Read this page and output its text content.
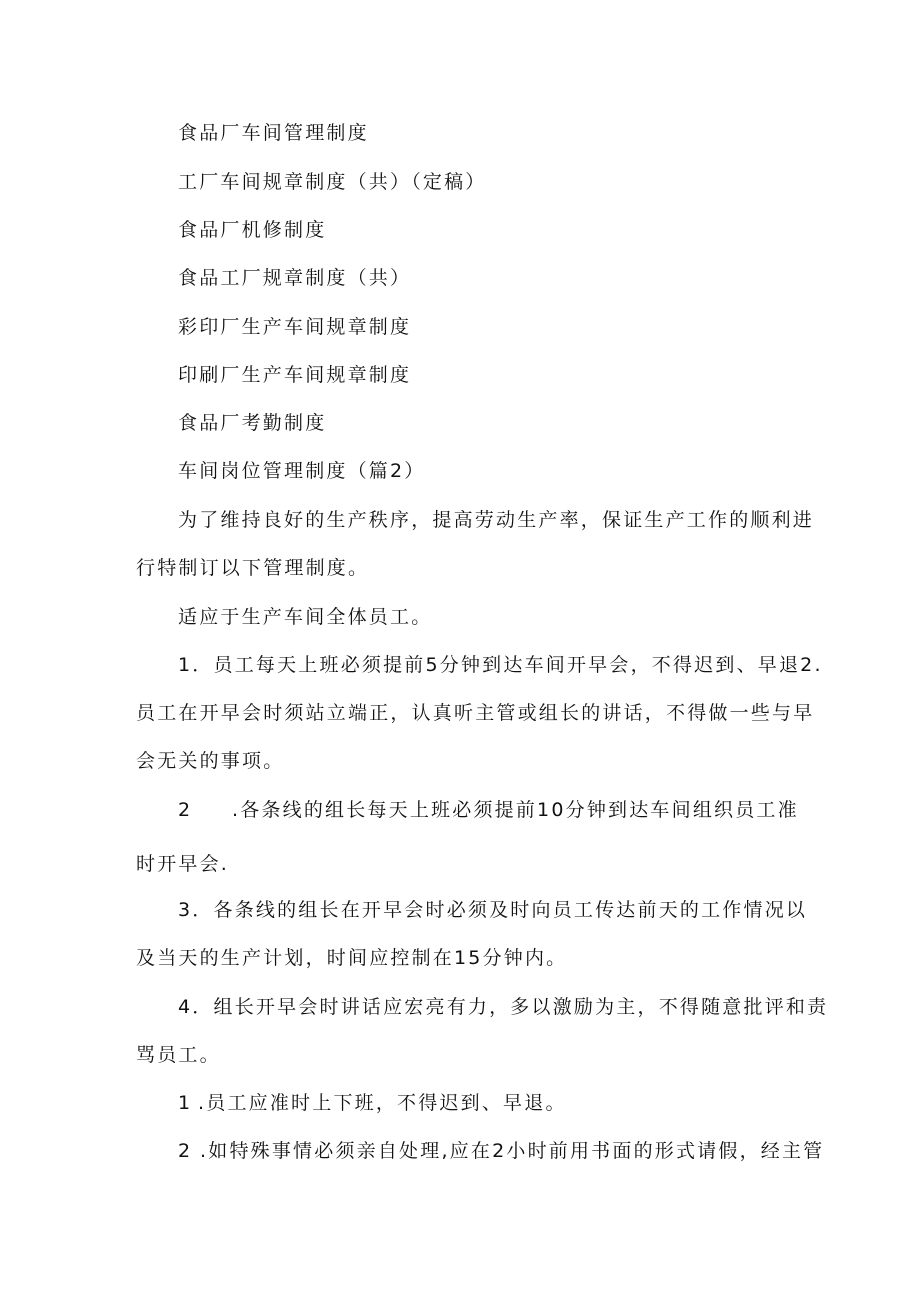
食品厂车间管理制度
工厂车间规章制度（共）（定稿）
食品厂机修制度
食品工厂规章制度（共）
彩印厂生产车间规章制度
印刷厂生产车间规章制度
食品厂考勤制度
车间岗位管理制度（篇2）
为了维持良好的生产秩序，提高劳动生产率，保证生产工作的顺利进
行特制订以下管理制度。
适应于生产车间全体员工。
1．员工每天上班必须提前5分钟到达车间开早会，不得迟到、早退2.
员工在开早会时须站立端正，认真听主管或组长的讲话，不得做一些与早
会无关的事项。
2 .各条线的组长每天上班必须提前10分钟到达车间组织员工准
时开早会.
3．各条线的组长在开早会时必须及时向员工传达前天的工作情况以
及当天的生产计划，时间应控制在15分钟内。
4．组长开早会时讲话应宏亮有力，多以激励为主，不得随意批评和责
骂员工。
1 .员工应准时上下班，不得迟到、早退。
2 .如特殊事情必须亲自处理,应在2小时前用书面的形式请假，经主管
